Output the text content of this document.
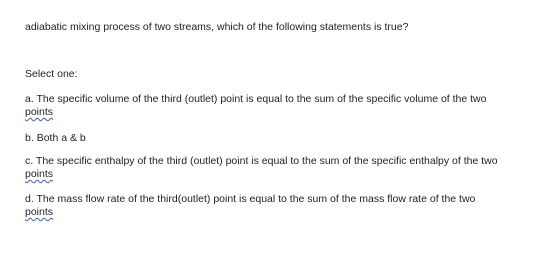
adiabatic mixing process of two streams, which of the following statements is true?
Select one:
a. The specific volume of the third (outlet) point is equal to the sum of the specific volume of the two
points
b. Both a & b
c. The specific enthalpy of the third (outlet) point is equal to the sum of the specific enthalpy of the two
points
d. The mass flow rate of the third(outlet) point is equal to the sum of the mass flow rate of the two
points
